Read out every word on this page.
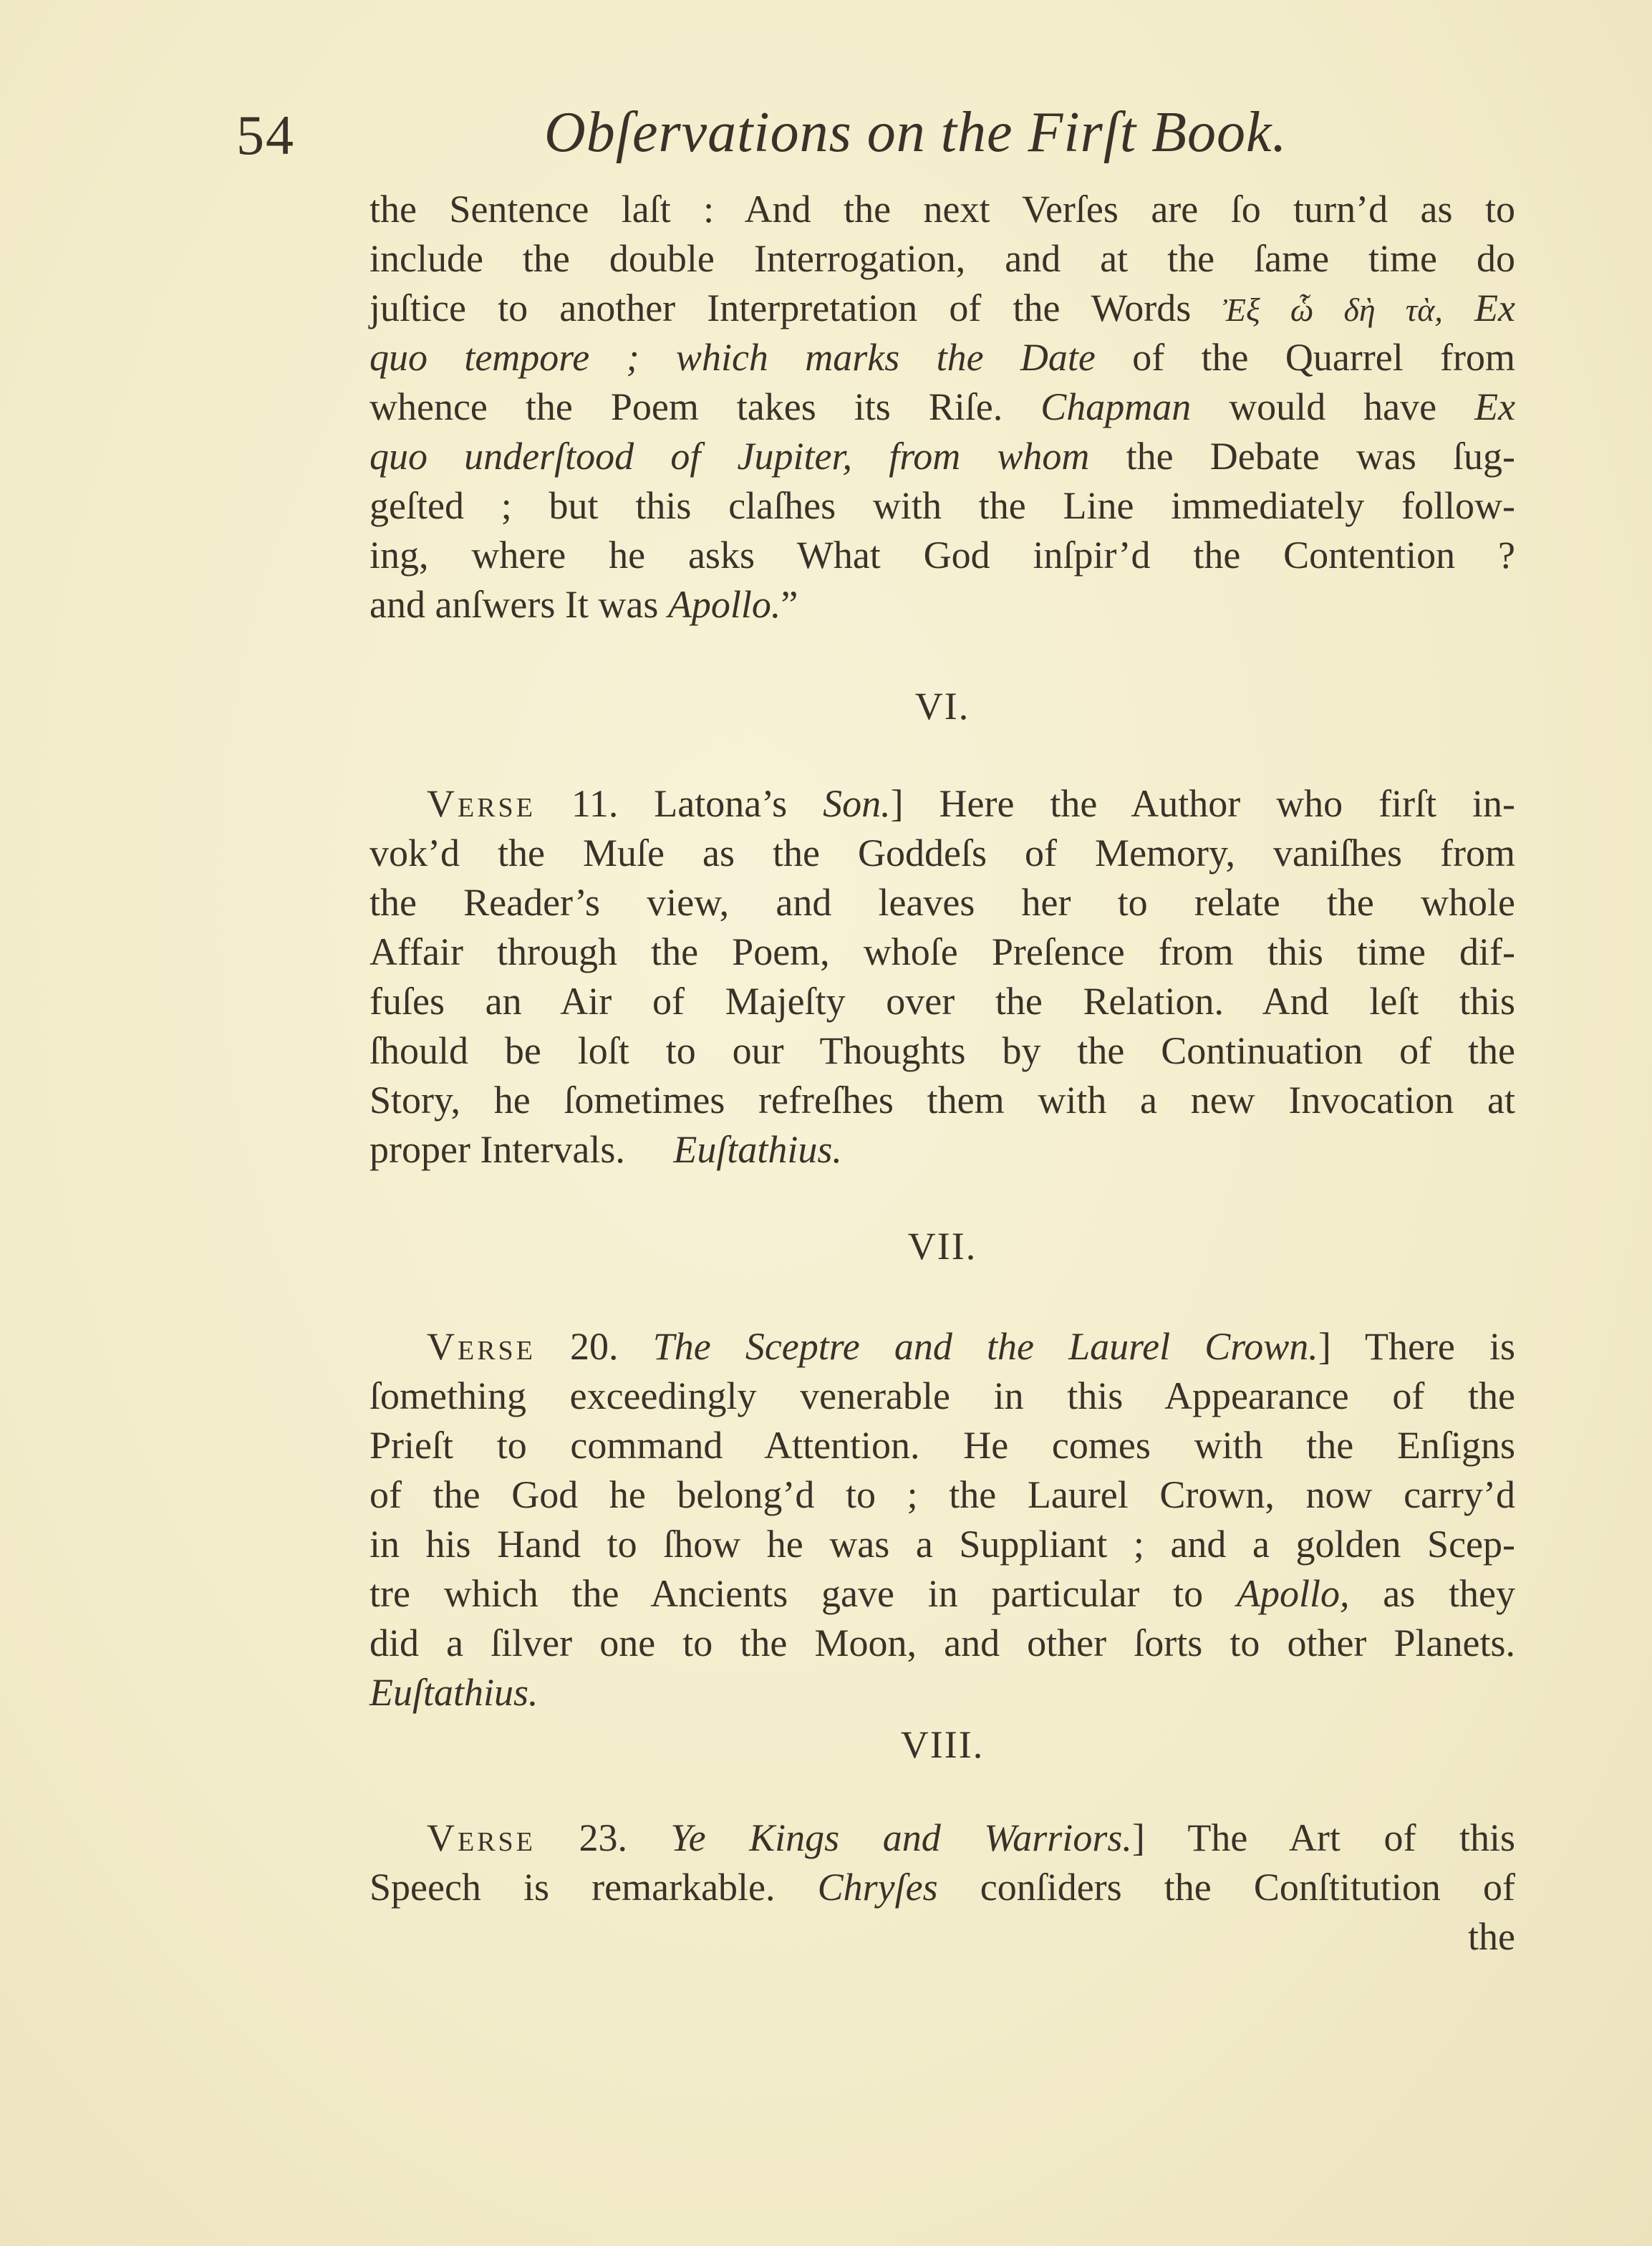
54	Obſervations on the Firſt Book.
the Sentence laſt : And the next Verſes are ſo turn’d as to
include the double Interrogation, and at the ſame time do
juſtice to another Interpretation of the Words Ἐξ ὧ δὴ τὰ, Ex
quo tempore ; which marks the Date of the Quarrel from
whence the Poem takes its Riſe. Chapman would have Ex
quo underſtood of Jupiter, from whom the Debate was ſug-
geſted ; but this claſhes with the Line immediately follow-
ing, where he asks What God inſpir’d the Contention ?
and anſwers It was Apollo.”
VI.
Verse 11. Latona’s Son.] Here the Author who firſt in-
vok’d the Muſe as the Goddeſs of Memory, vaniſhes from
the Reader’s view, and leaves her to relate the whole
Affair through the Poem, whoſe Preſence from this time dif-
fuſes an Air of Majeſty over the Relation. And leſt this
ſhould be loſt to our Thoughts by the Continuation of the
Story, he ſometimes refreſhes them with a new Invocation at
proper Intervals. Euſtathius.
VII.
Verse 20. The Sceptre and the Laurel Crown.] There is
ſomething exceedingly venerable in this Appearance of the
Prieſt to command Attention. He comes with the Enſigns
of the God he belong’d to ; the Laurel Crown, now carry’d
in his Hand to ſhow he was a Suppliant ; and a golden Scep-
tre which the Ancients gave in particular to Apollo, as they
did a ſilver one to the Moon, and other ſorts to other Planets.
Euſtathius.
VIII.
Verse 23. Ye Kings and Warriors.] The Art of this
Speech is remarkable. Chryſes conſiders the Conſtitution of
the
